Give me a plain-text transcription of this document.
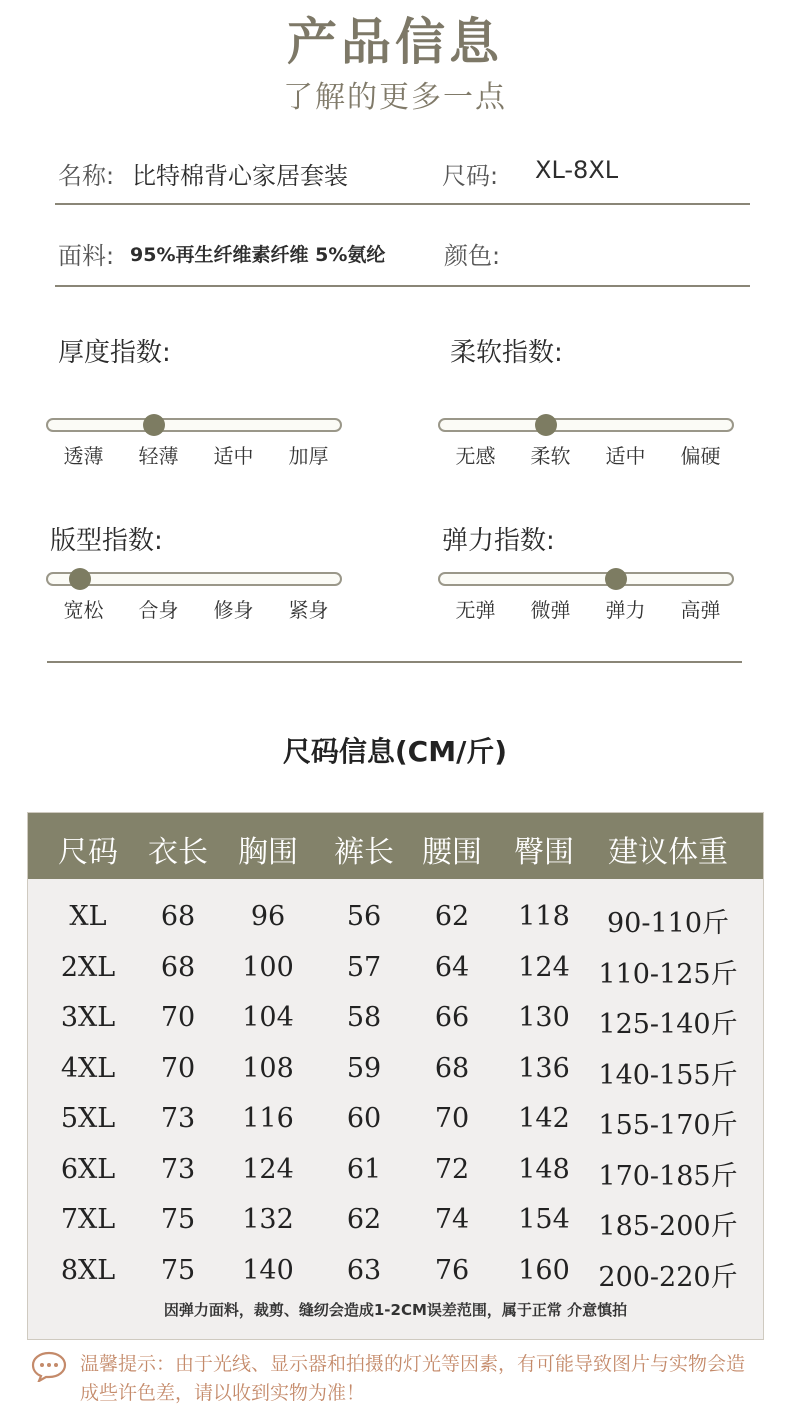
产品信息
了解的更多一点
名称: 比特棉背心家居套装	尺码: XL-8XL
面料: 95%再生纤维素纤维 5%氨纶 颜色:
厚度指数:	柔软指数:
透薄	轻薄	适中	加厚	无感	柔软	适中	偏硬
版型指数:	弹力指数:
宽松	合身	修身	紧身	无弹	微弹	弹力	高弹
尺码信息(CM/斤)
尺码	衣长	胸围	裤长 腰围	臀围	建议体重
XL	68	96	56	62	118	90-110斤
2XL	68	100	57	64	124	110-125斤
3XL	70	104	58	66	130	125-140斤
4XL	70	108	59	68	136	140-155斤
5XL	73	116	60	70	142	155-170斤
6XL	73	124	61	72	148	170-185斤
7XL	75	132	62	74	154	185-200斤
8XL	75	140	63	76	160	200-220斤
因弹力面料，裁剪、缝纫会造成1-2CM误差范围，属于正常 介意慎拍
温馨提示：由于光线、显示器和拍摄的灯光等因素，有可能导致图片与实物会造成些许色差，请以收到实物为准！
